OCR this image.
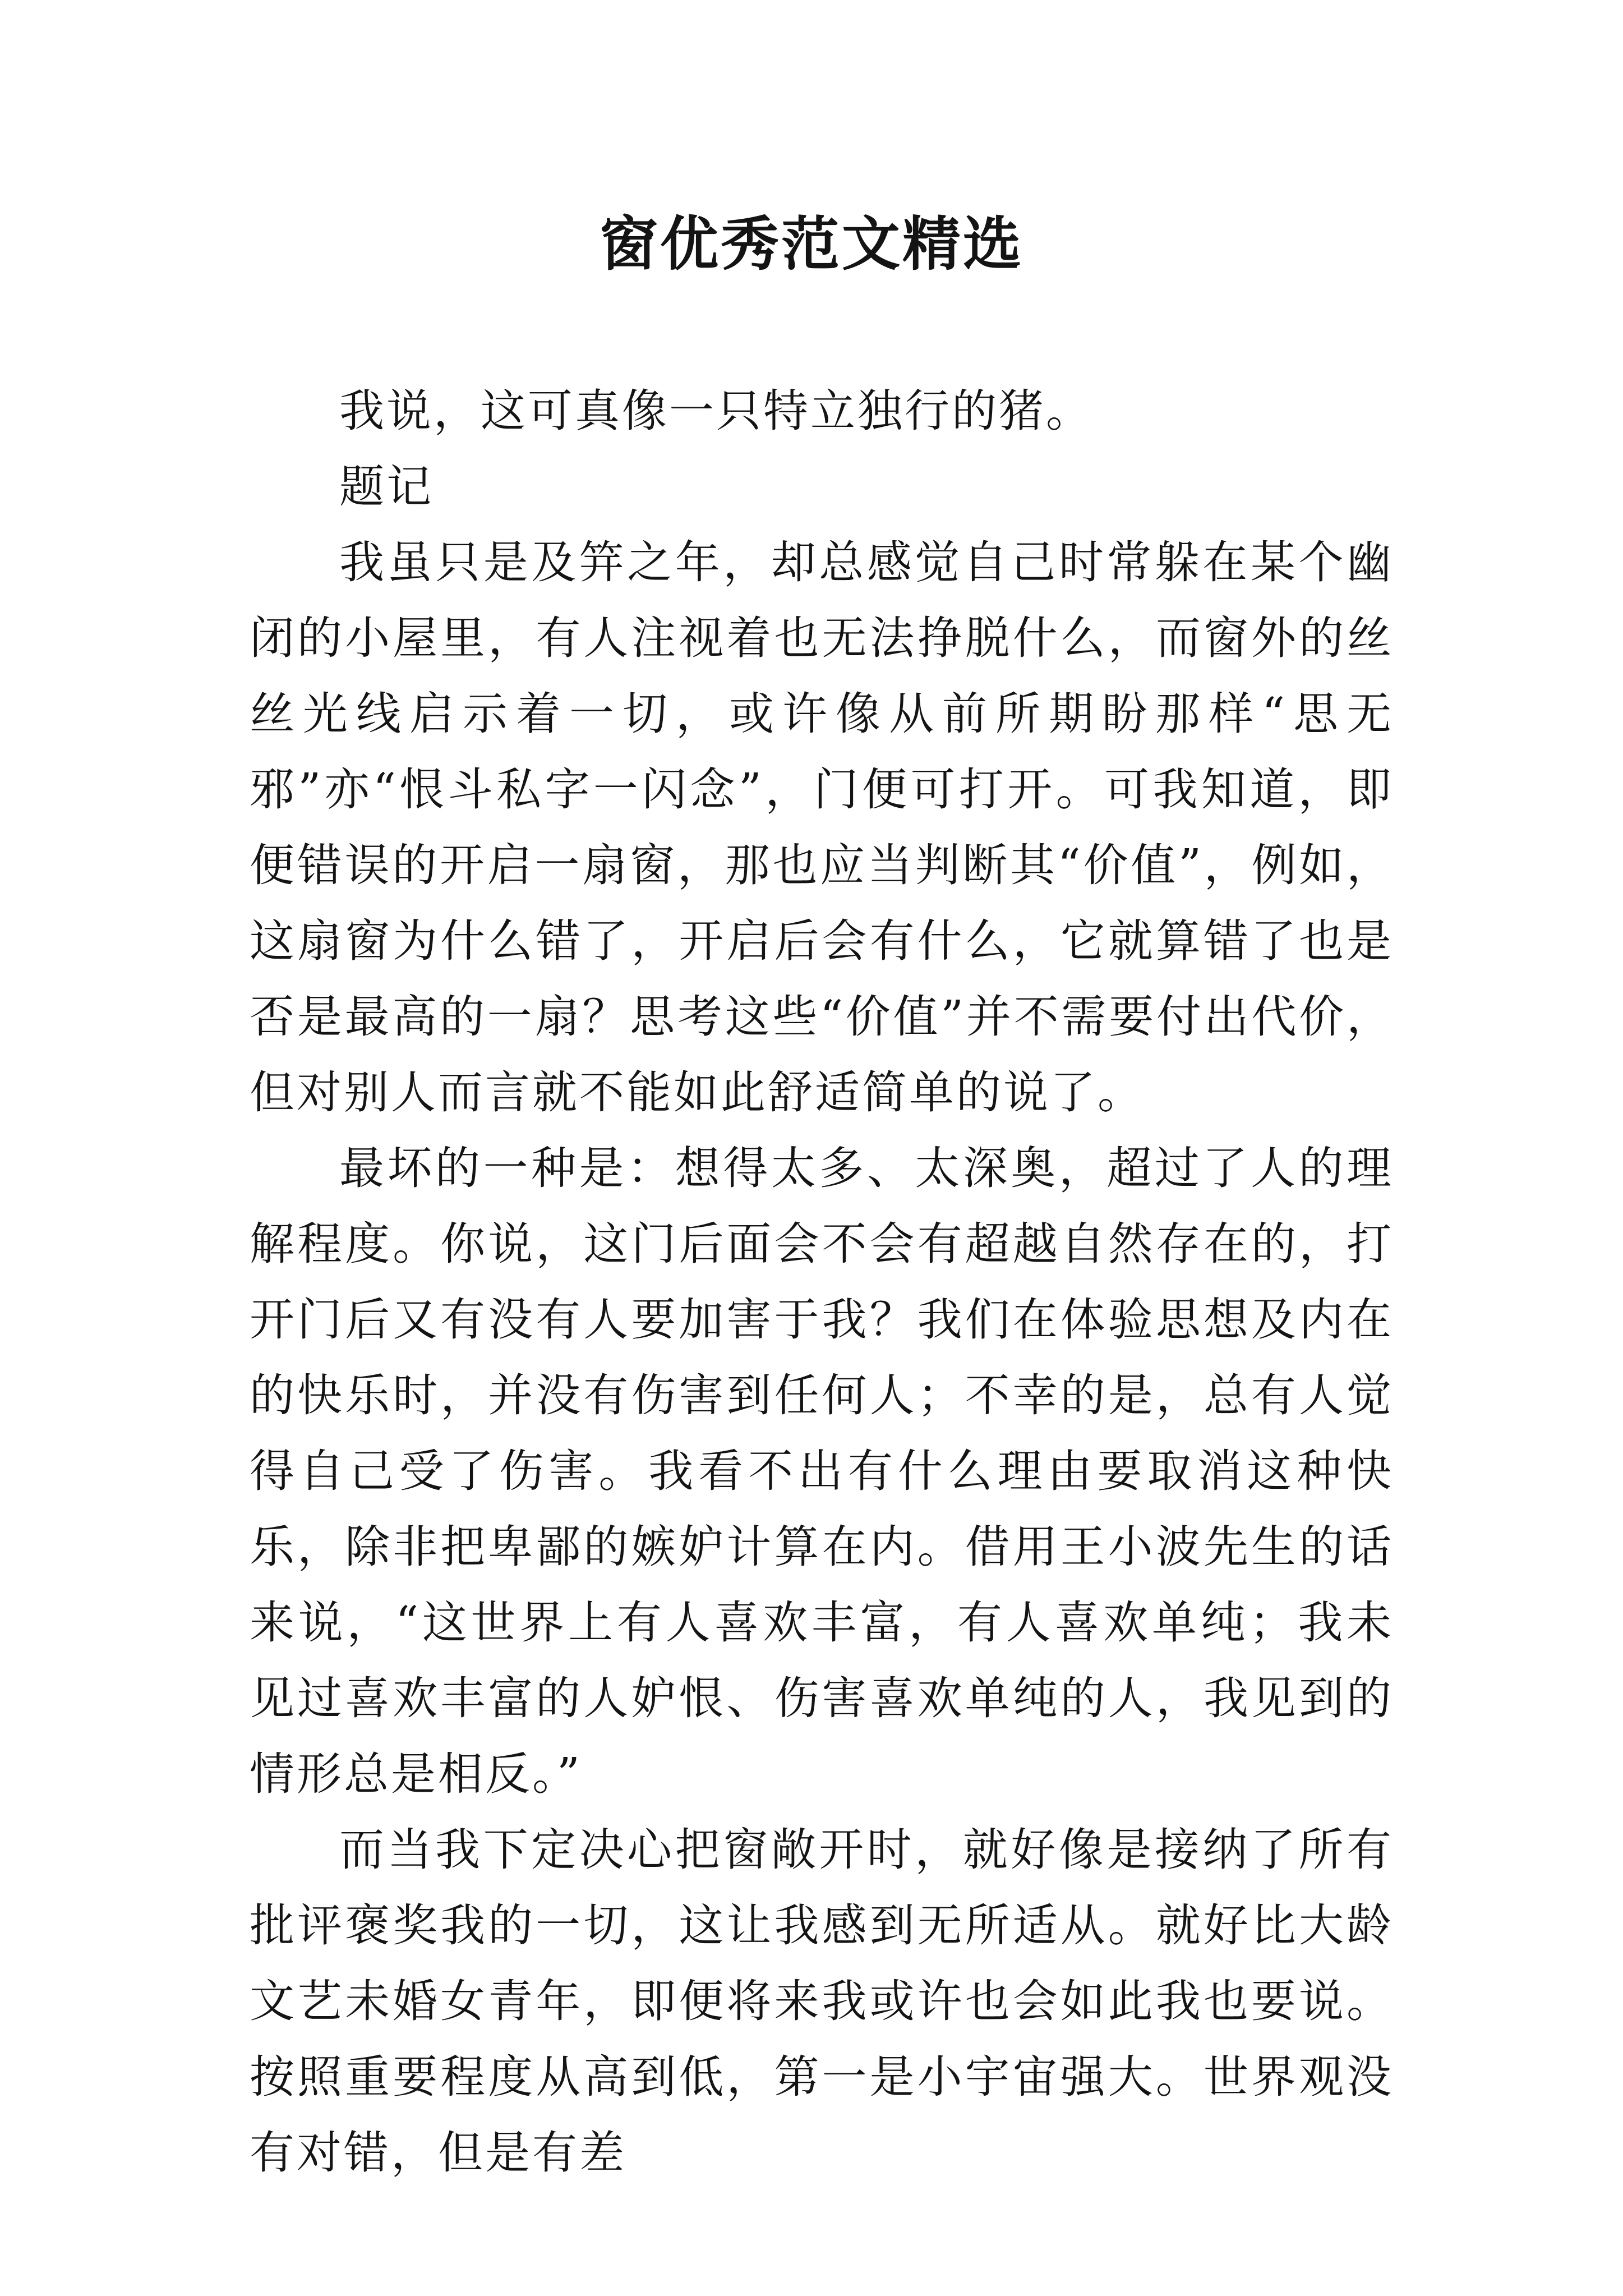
窗优秀范文精选

我说，这可真像一只特立独行的猪。

题记

我虽只是及笄之年，却总感觉自己时常躲在某个幽闭的小屋里，有人注视着也无法挣脱什么，而窗外的丝丝光线启示着一切，或许像从前所期盼那样“思无邪”亦“恨斗私字一闪念”，门便可打开。可我知道，即便错误的开启一扇窗，那也应当判断其“价值”，例如，这扇窗为什么错了，开启后会有什么，它就算错了也是否是最高的一扇？思考这些“价值”并不需要付出代价，但对别人而言就不能如此舒适简单的说了。

最坏的一种是：想得太多、太深奥，超过了人的理解程度。你说，这门后面会不会有超越自然存在的，打开门后又有没有人要加害于我？我们在体验思想及内在的快乐时，并没有伤害到任何人；不幸的是，总有人觉得自己受了伤害。我看不出有什么理由要取消这种快乐，除非把卑鄙的嫉妒计算在内。借用王小波先生的话来说，“这世界上有人喜欢丰富，有人喜欢单纯；我未见过喜欢丰富的人妒恨、伤害喜欢单纯的人，我见到的情形总是相反。”

而当我下定决心把窗敞开时，就好像是接纳了所有批评褒奖我的一切，这让我感到无所适从。就好比大龄文艺未婚女青年，即便将来我或许也会如此我也要说。按照重要程度从高到低，第一是小宇宙强大。世界观没有对错，但是有差
